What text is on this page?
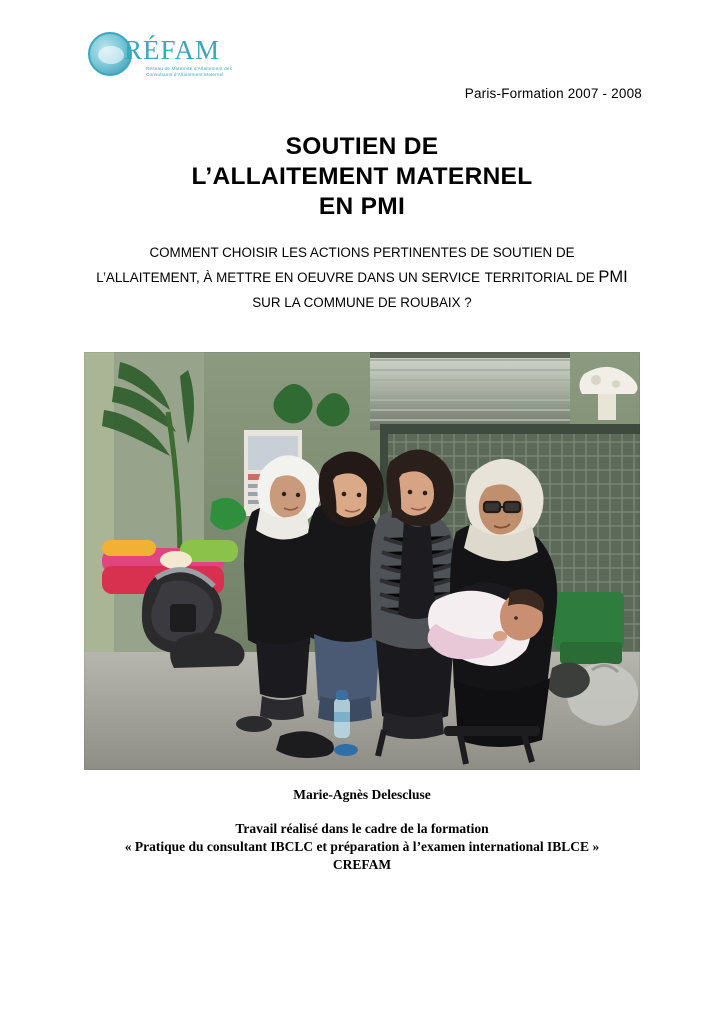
RÉFAM
Réseau de Maternité d'Allaitement des Consultants d'Allaitement Maternel
Paris-Formation 2007 - 2008
SOUTIEN DE
L’ALLAITEMENT MATERNEL
EN PMI
COMMENT CHOISIR LES ACTIONS PERTINENTES DE SOUTIEN DE L’ALLAITEMENT, À METTRE EN OEUVRE DANS UN SERVICE TERRITORIAL DE PMI SUR LA COMMUNE DE ROUBAIX ?
Marie-Agnès Delescluse
Travail réalisé dans le cadre de la formation
« Pratique du consultant IBCLC et préparation à l’examen international IBLCE »
CREFAM
